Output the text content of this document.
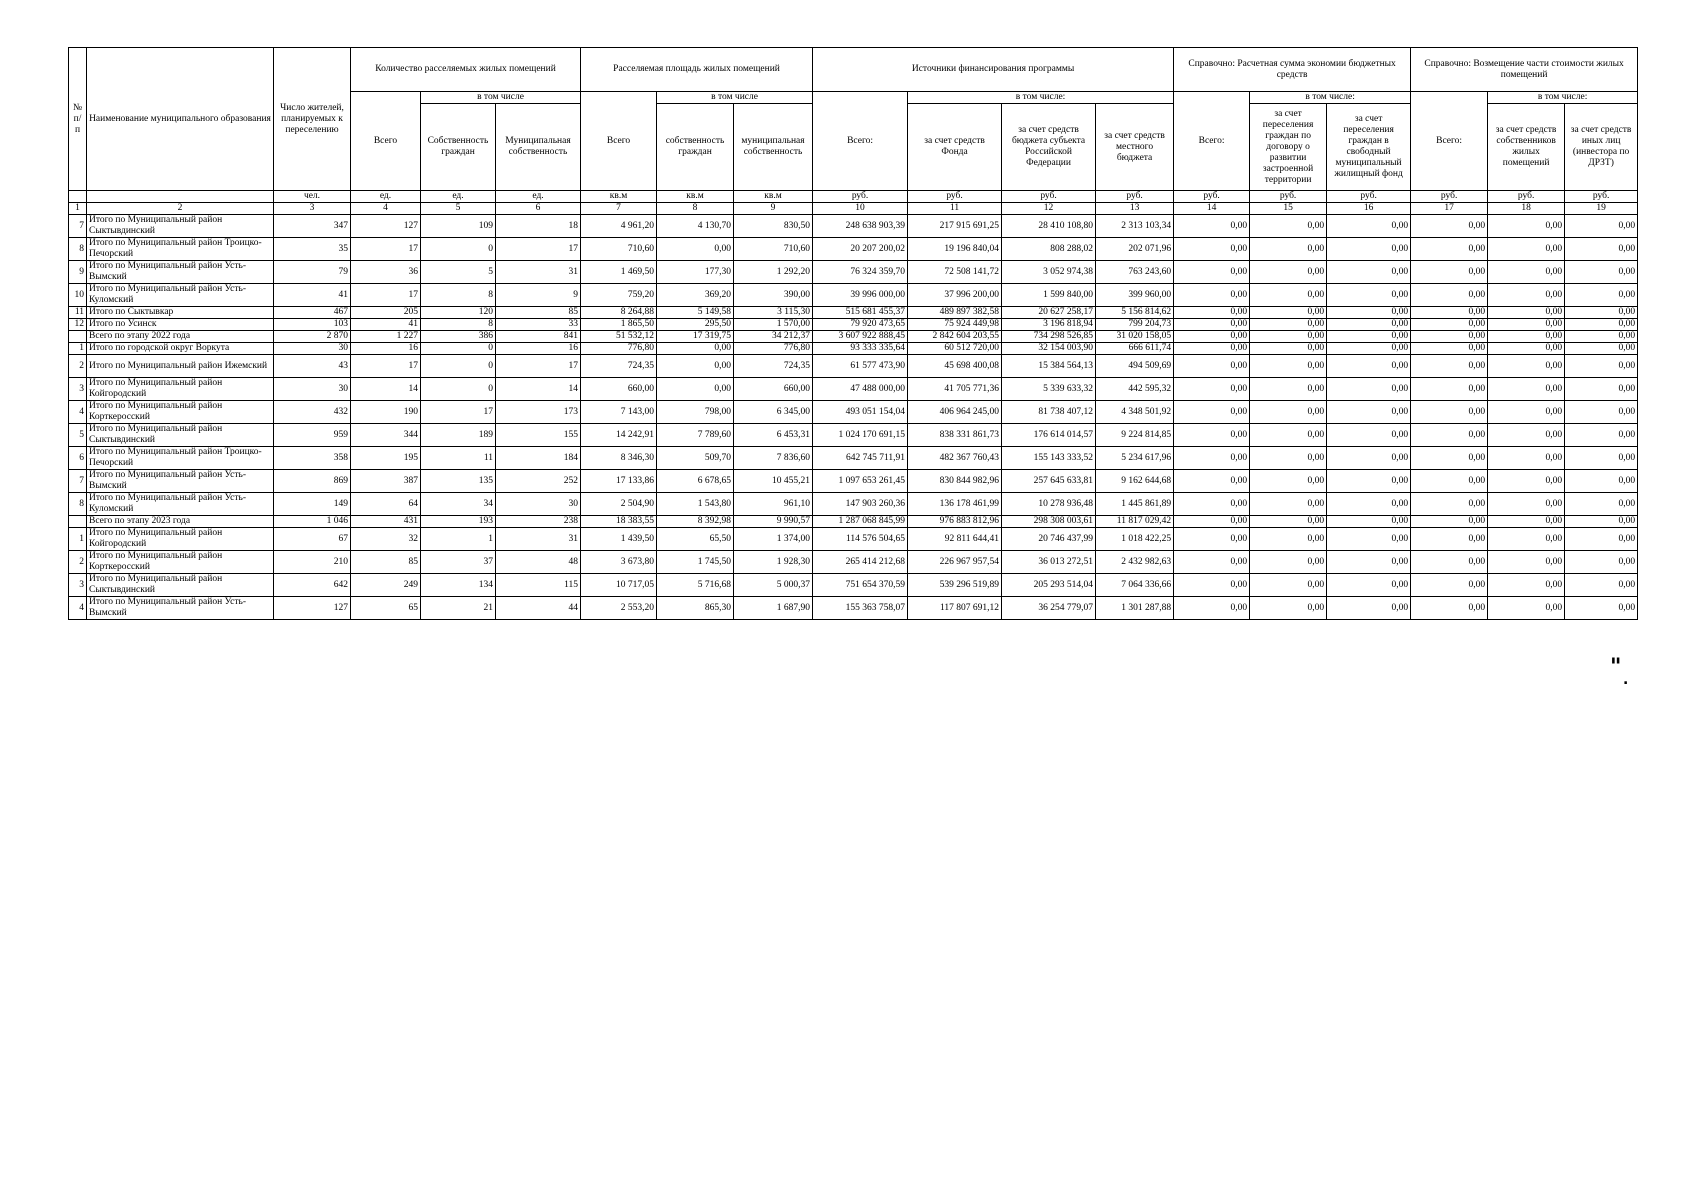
№ п/ п	Наименование муниципального образования	Число жителей, планируемых к переселению	Количество расселяемых жилых помещений			Расселяемая площадь жилых помещений			Источники финансирования программы				Справочно: Расчетная сумма экономии бюджетных средств			Справочно: Возмещение части стоимости жилых помещений		
			Всего	в том числе		Всего	в том числе		Всего:	в том числе:			Всего:	в том числе:		Всего:	в том числе:	
				Собственность граждан	Муниципальная собственность		собственность граждан	муниципальная собственность		за счет средств Фонда	за счет средств бюджета субъекта Российской Федерации	за счет средств местного бюджета		за счет переселения граждан по договору о развитии застроенной территории	за счет переселения граждан в свободный муниципальный жилищный фонд		за счет средств собственников жилых помещений	за счет средств иных лиц (инвестора по ДРЗТ)
		чел.	ед.	ед.	ед.	кв.м	кв.м	кв.м	руб.	руб.	руб.	руб.	руб.	руб.	руб.	руб.	руб.	руб.
1	2	3	4	5	6	7	8	9	10	11	12	13	14	15	16	17	18	19
7	Итого по Муниципальный район Сыктывдинский	347	127	109	18	4 961,20	4 130,70	830,50	248 638 903,39	217 915 691,25	28 410 108,80	2 313 103,34	0,00	0,00	0,00	0,00	0,00	0,00
8	Итого по Муниципальный район Троицко-Печорский	35	17	0	17	710,60	0,00	710,60	20 207 200,02	19 196 840,04	808 288,02	202 071,96	0,00	0,00	0,00	0,00	0,00	0,00
9	Итого по Муниципальный район Усть-Вымский	79	36	5	31	1 469,50	177,30	1 292,20	76 324 359,70	72 508 141,72	3 052 974,38	763 243,60	0,00	0,00	0,00	0,00	0,00	0,00
10	Итого по Муниципальный район Усть-Куломский	41	17	8	9	759,20	369,20	390,00	39 996 000,00	37 996 200,00	1 599 840,00	399 960,00	0,00	0,00	0,00	0,00	0,00	0,00
11	Итого по Сыктывкар	467	205	120	85	8 264,88	5 149,58	3 115,30	515 681 455,37	489 897 382,58	20 627 258,17	5 156 814,62	0,00	0,00	0,00	0,00	0,00	0,00
12	Итого по Усинск	103	41	8	33	1 865,50	295,50	1 570,00	79 920 473,65	75 924 449,98	3 196 818,94	799 204,73	0,00	0,00	0,00	0,00	0,00	0,00
	Всего по этапу 2022 года	2 870	1 227	386	841	51 532,12	17 319,75	34 212,37	3 607 922 888,45	2 842 604 203,55	734 298 526,85	31 020 158,05	0,00	0,00	0,00	0,00	0,00	0,00
1	Итого по городской округ Воркута	30	16	0	16	776,80	0,00	776,80	93 333 335,64	60 512 720,00	32 154 003,90	666 611,74	0,00	0,00	0,00	0,00	0,00	0,00
2	Итого по Муниципальный район Ижемский	43	17	0	17	724,35	0,00	724,35	61 577 473,90	45 698 400,08	15 384 564,13	494 509,69	0,00	0,00	0,00	0,00	0,00	0,00
3	Итого по Муниципальный район Койгородский	30	14	0	14	660,00	0,00	660,00	47 488 000,00	41 705 771,36	5 339 633,32	442 595,32	0,00	0,00	0,00	0,00	0,00	0,00
4	Итого по Муниципальный район Корткеросский	432	190	17	173	7 143,00	798,00	6 345,00	493 051 154,04	406 964 245,00	81 738 407,12	4 348 501,92	0,00	0,00	0,00	0,00	0,00	0,00
5	Итого по Муниципальный район Сыктывдинский	959	344	189	155	14 242,91	7 789,60	6 453,31	1 024 170 691,15	838 331 861,73	176 614 014,57	9 224 814,85	0,00	0,00	0,00	0,00	0,00	0,00
6	Итого по Муниципальный район Троицко-Печорский	358	195	11	184	8 346,30	509,70	7 836,60	642 745 711,91	482 367 760,43	155 143 333,52	5 234 617,96	0,00	0,00	0,00	0,00	0,00	0,00
7	Итого по Муниципальный район Усть-Вымский	869	387	135	252	17 133,86	6 678,65	10 455,21	1 097 653 261,45	830 844 982,96	257 645 633,81	9 162 644,68	0,00	0,00	0,00	0,00	0,00	0,00
8	Итого по Муниципальный район Усть-Куломский	149	64	34	30	2 504,90	1 543,80	961,10	147 903 260,36	136 178 461,99	10 278 936,48	1 445 861,89	0,00	0,00	0,00	0,00	0,00	0,00
	Всего по этапу 2023 года	1 046	431	193	238	18 383,55	8 392,98	9 990,57	1 287 068 845,99	976 883 812,96	298 308 003,61	11 817 029,42	0,00	0,00	0,00	0,00	0,00	0,00
1	Итого по Муниципальный район Койгородский	67	32	1	31	1 439,50	65,50	1 374,00	114 576 504,65	92 811 644,41	20 746 437,99	1 018 422,25	0,00	0,00	0,00	0,00	0,00	0,00
2	Итого по Муниципальный район Корткеросский	210	85	37	48	3 673,80	1 745,50	1 928,30	265 414 212,68	226 967 957,54	36 013 272,51	2 432 982,63	0,00	0,00	0,00	0,00	0,00	0,00
3	Итого по Муниципальный район Сыктывдинский	642	249	134	115	10 717,05	5 716,68	5 000,37	751 654 370,59	539 296 519,89	205 293 514,04	7 064 336,66	0,00	0,00	0,00	0,00	0,00	0,00
4	Итого по Муниципальный район Усть-Вымский	127	65	21	44	2 553,20	865,30	1 687,90	155 363 758,07	117 807 691,12	36 254 779,07	1 301 287,88	0,00	0,00	0,00	0,00	0,00	0,00
" .
